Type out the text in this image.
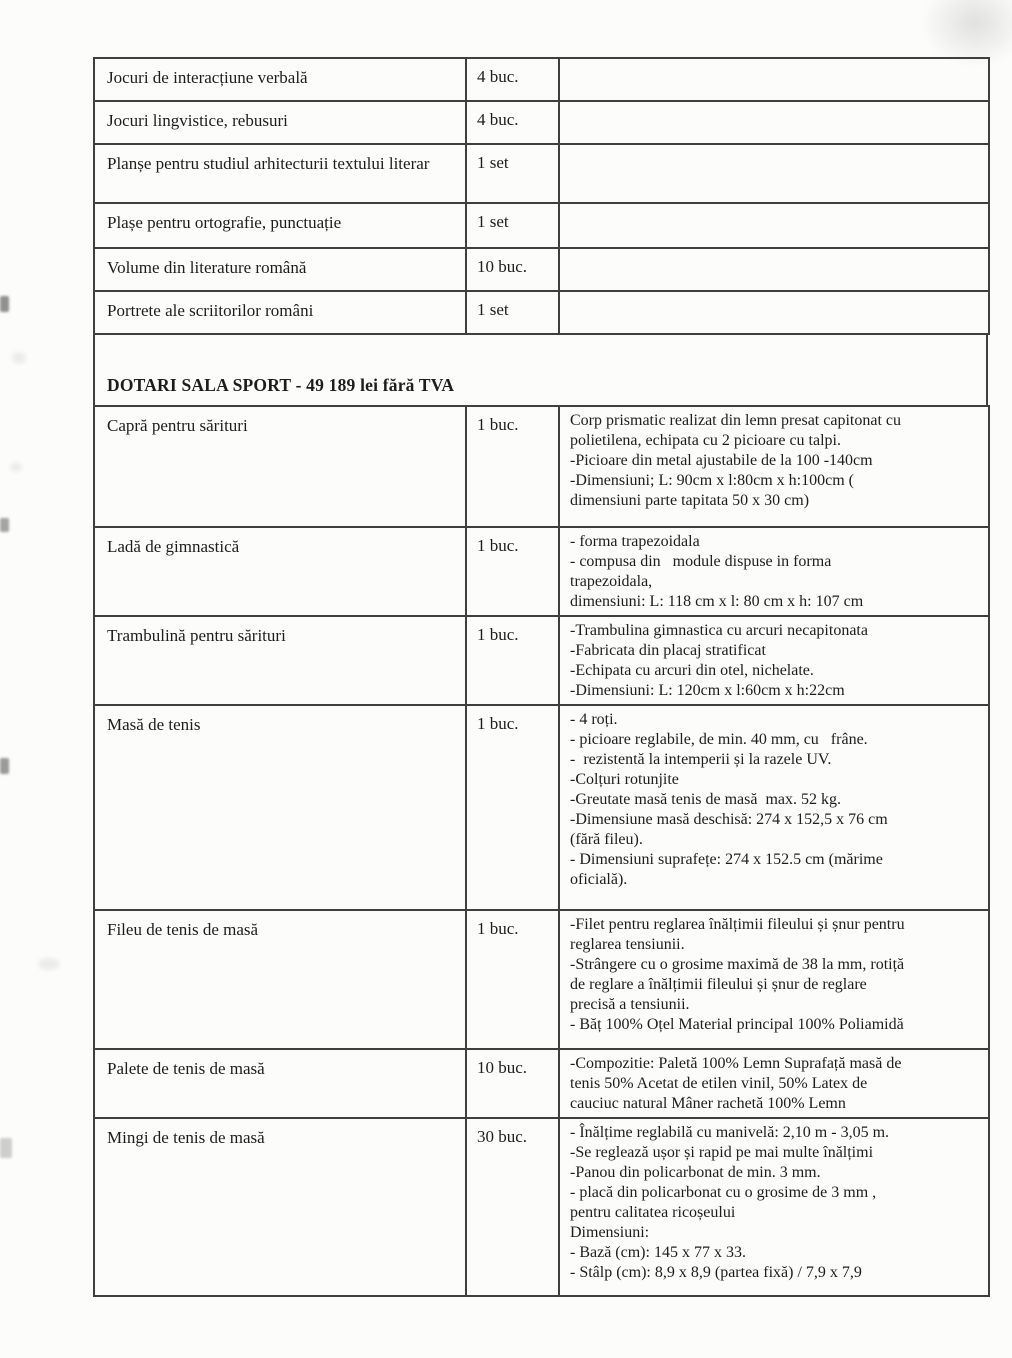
Jocuri de interacțiune verbală	4 buc.	
Jocuri lingvistice, rebusuri	4 buc.	
Planșe pentru studiul arhitecturii textului literar	1 set	
Plașe pentru ortografie, punctuație	1 set	
Volume din literature română	10 buc.	
Portrete ale scriitorilor români	1 set	
DOTARI SALA SPORT - 49 189 lei fără TVA
Capră pentru sărituri	1 buc.	Corp prismatic realizat din lemn presat capitonat cu
polietilena, echipata cu 2 picioare cu talpi.
-Picioare din metal ajustabile de la 100 -140cm
-Dimensiuni; L: 90cm x l:80cm x h:100cm (
dimensiuni parte tapitata 50 x 30 cm)
Ladă de gimnastică	1 buc.	- forma trapezoidala
- compusa din   module dispuse in forma
trapezoidala,
dimensiuni: L: 118 cm x l: 80 cm x h: 107 cm
Trambulină pentru sărituri	1 buc.	-Trambulina gimnastica cu arcuri necapitonata
-Fabricata din placaj stratificat
-Echipata cu arcuri din otel, nichelate.
-Dimensiuni: L: 120cm x l:60cm x h:22cm
Masă de tenis	1 buc.	- 4 roți.
- picioare reglabile, de min. 40 mm, cu   frâne.
-  rezistentă la intemperii și la razele UV.
-Colțuri rotunjite
-Greutate masă tenis de masă  max. 52 kg.
-Dimensiune masă deschisă: 274 x 152,5 x 76 cm
(fără fileu).
- Dimensiuni suprafețe: 274 x 152.5 cm (mărime
oficială).
Fileu de tenis de masă	1 buc.	-Filet pentru reglarea înălțimii fileului și șnur pentru
reglarea tensiunii.
-Strângere cu o grosime maximă de 38 la mm, rotiță
de reglare a înălțimii fileului și șnur de reglare
precisă a tensiunii.
- Băț 100% Oțel Material principal 100% Poliamidă
Palete de tenis de masă	10 buc.	-Compozitie: Paletă 100% Lemn Suprafață masă de
tenis 50% Acetat de etilen vinil, 50% Latex de
cauciuc natural Mâner rachetă 100% Lemn
Mingi de tenis de masă	30 buc.	- Înălțime reglabilă cu manivelă: 2,10 m - 3,05 m.
-Se reglează ușor și rapid pe mai multe înălțimi
-Panou din policarbonat de min. 3 mm.
- placă din policarbonat cu o grosime de 3 mm ,
pentru calitatea ricoșeului
Dimensiuni:
- Bază (cm): 145 x 77 x 33.
- Stâlp (cm): 8,9 x 8,9 (partea fixă) / 7,9 x 7,9
